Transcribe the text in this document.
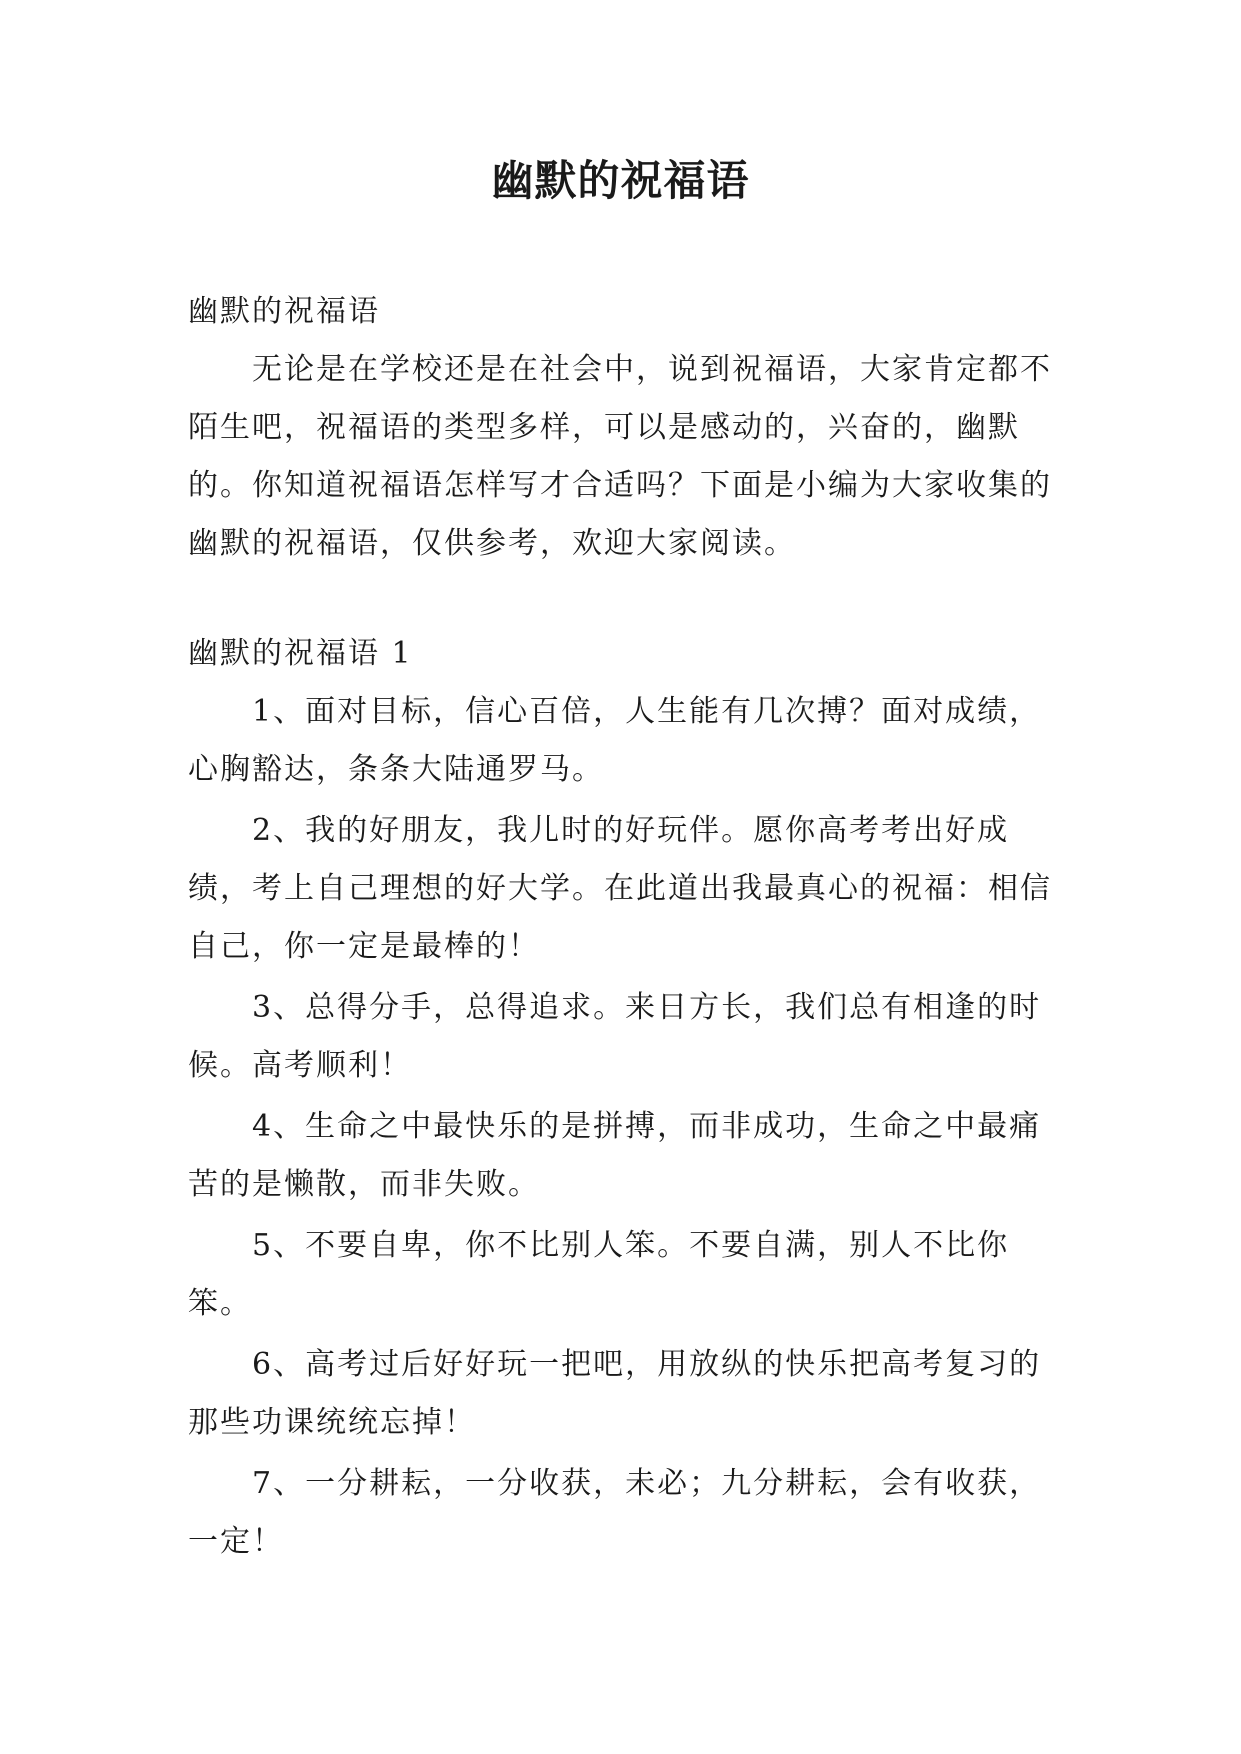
幽默的祝福语

幽默的祝福语

无论是在学校还是在社会中，说到祝福语，大家肯定都不陌生吧，祝福语的类型多样，可以是感动的，兴奋的，幽默的。你知道祝福语怎样写才合适吗？下面是小编为大家收集的幽默的祝福语，仅供参考，欢迎大家阅读。

幽默的祝福语 1

1、面对目标，信心百倍，人生能有几次搏？面对成绩，心胸豁达，条条大陆通罗马。

2、我的好朋友，我儿时的好玩伴。愿你高考考出好成绩，考上自己理想的好大学。在此道出我最真心的祝福：相信自己，你一定是最棒的！

3、总得分手，总得追求。来日方长，我们总有相逢的时候。高考顺利！

4、生命之中最快乐的是拼搏，而非成功，生命之中最痛苦的是懒散，而非失败。

5、不要自卑，你不比别人笨。不要自满，别人不比你笨。

6、高考过后好好玩一把吧，用放纵的快乐把高考复习的那些功课统统忘掉！

7、一分耕耘，一分收获，未必；九分耕耘，会有收获，一定！
